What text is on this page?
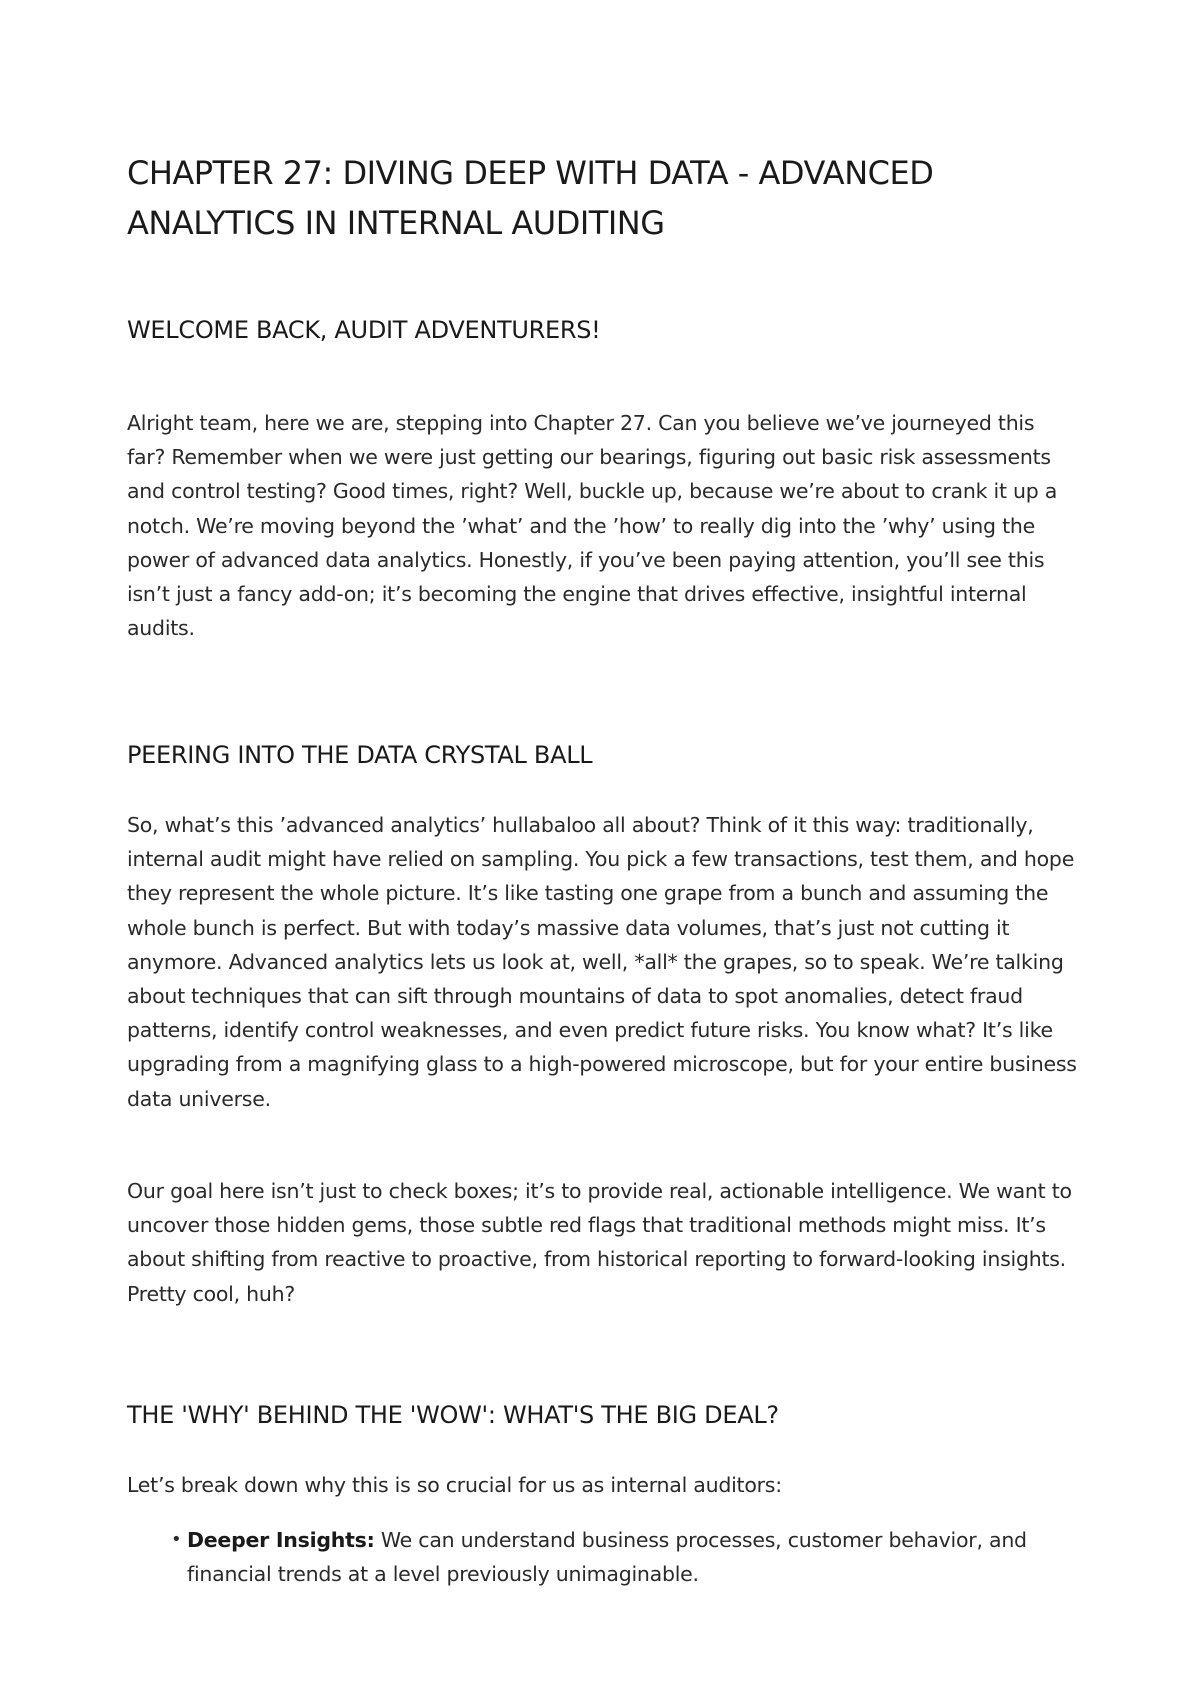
CHAPTER 27: DIVING DEEP WITH DATA - ADVANCED ANALYTICS IN INTERNAL AUDITING
WELCOME BACK, AUDIT ADVENTURERS!

Alright team, here we are, stepping into Chapter 27. Can you believe we’ve journeyed this far? Remember when we were just getting our bearings, figuring out basic risk assessments and control testing? Good times, right? Well, buckle up, because we’re about to crank it up a notch. We’re moving beyond the ’what’ and the ’how’ to really dig into the ’why’ using the power of advanced data analytics. Honestly, if you’ve been paying attention, you’ll see this isn’t just a fancy add-on; it’s becoming the engine that drives effective, insightful internal audits.

PEERING INTO THE DATA CRYSTAL BALL

So, what’s this ’advanced analytics’ hullabaloo all about? Think of it this way: traditionally, internal audit might have relied on sampling. You pick a few transactions, test them, and hope they represent the whole picture. It’s like tasting one grape from a bunch and assuming the whole bunch is perfect. But with today’s massive data volumes, that’s just not cutting it anymore. Advanced analytics lets us look at, well, *all* the grapes, so to speak. We’re talking about techniques that can sift through mountains of data to spot anomalies, detect fraud patterns, identify control weaknesses, and even predict future risks. You know what? It’s like upgrading from a magnifying glass to a high-powered microscope, but for your entire business data universe.

Our goal here isn’t just to check boxes; it’s to provide real, actionable intelligence. We want to uncover those hidden gems, those subtle red flags that traditional methods might miss. It’s about shifting from reactive to proactive, from historical reporting to forward-looking insights. Pretty cool, huh?

THE 'WHY' BEHIND THE 'WOW': WHAT'S THE BIG DEAL?

Let’s break down why this is so crucial for us as internal auditors:

• Deeper Insights: We can understand business processes, customer behavior, and financial trends at a level previously unimaginable.
